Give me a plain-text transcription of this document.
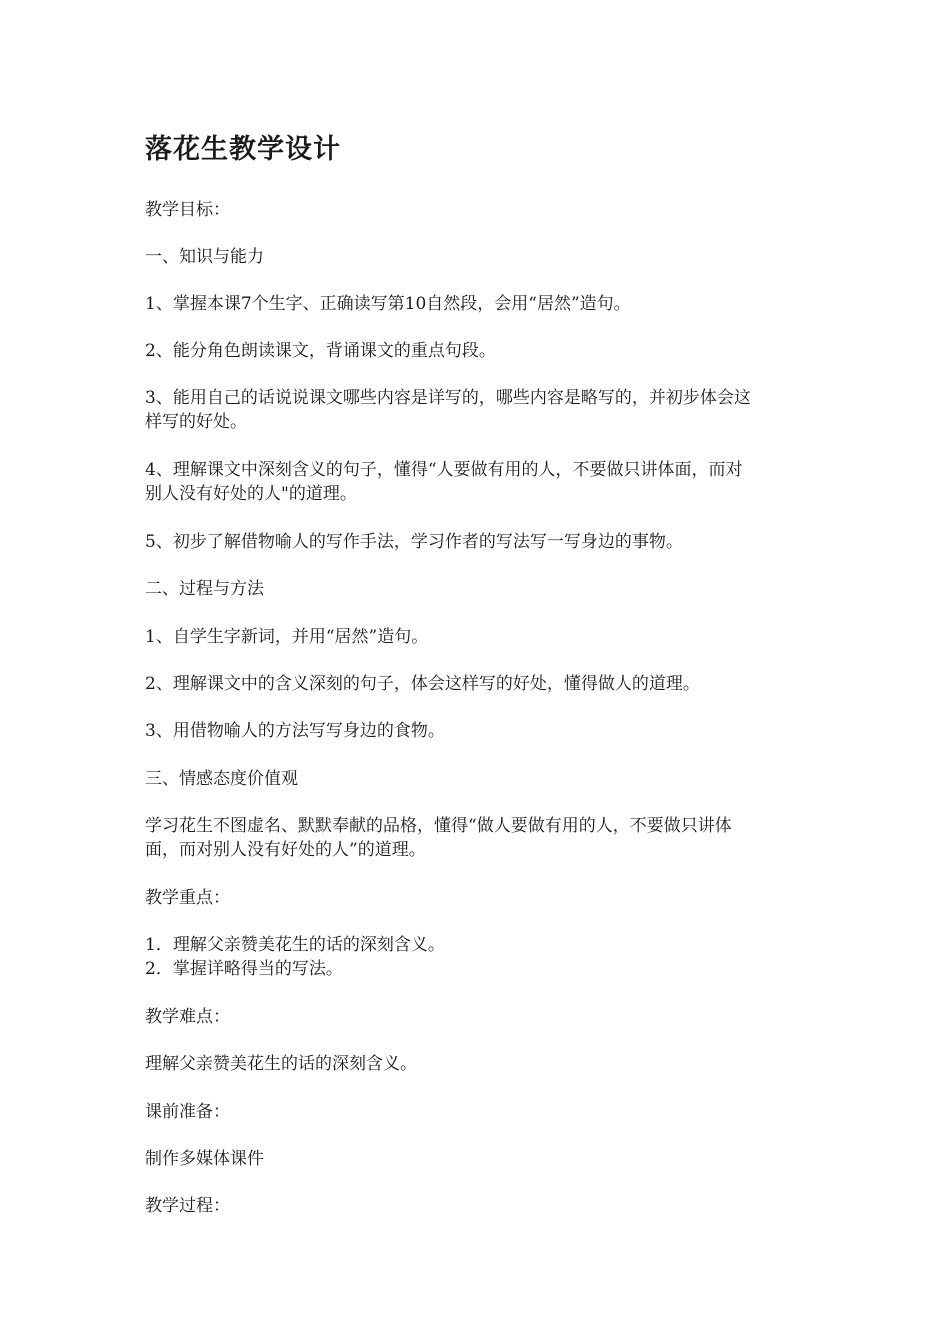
落花生教学设计
教学目标：
一、知识与能力
1、掌握本课7个生字、正确读写第10自然段，会用“居然”造句。
2、能分角色朗读课文，背诵课文的重点句段。
3、能用自己的话说说课文哪些内容是详写的，哪些内容是略写的，并初步体会这
样写的好处。
4、理解课文中深刻含义的句子，懂得“人要做有用的人，不要做只讲体面，而对
别人没有好处的人"的道理。
5、初步了解借物喻人的写作手法，学习作者的写法写一写身边的事物。
二、过程与方法
1、自学生字新词，并用“居然”造句。
2、理解课文中的含义深刻的句子，体会这样写的好处，懂得做人的道理。
3、用借物喻人的方法写写身边的食物。
三、情感态度价值观
学习花生不图虚名、默默奉献的品格，懂得“做人要做有用的人，不要做只讲体
面，而对别人没有好处的人”的道理。
教学重点：
1．理解父亲赞美花生的话的深刻含义。
2．掌握详略得当的写法。
教学难点：
理解父亲赞美花生的话的深刻含义。
课前准备：
制作多媒体课件
教学过程：
